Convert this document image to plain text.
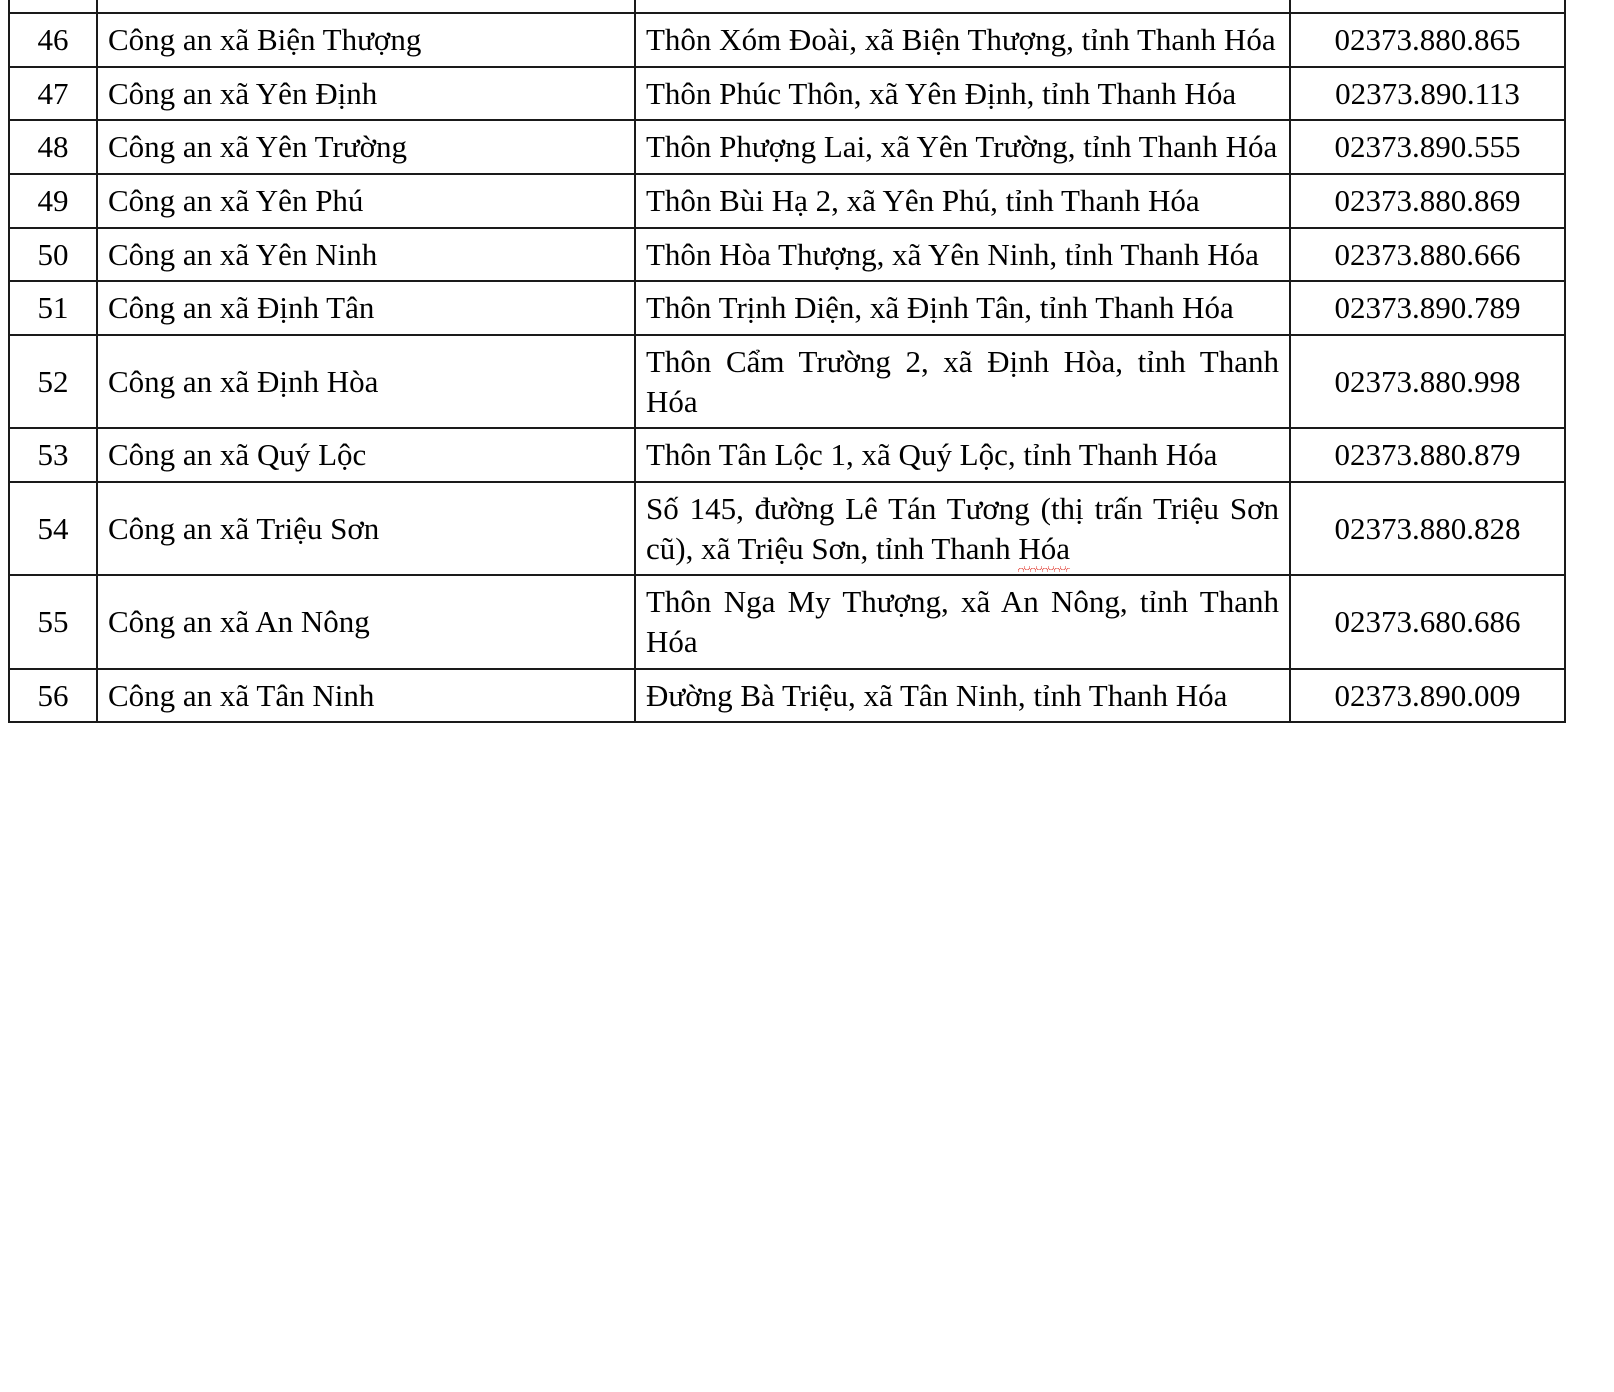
46	Công an xã Biện Thượng	Thôn Xóm Đoài, xã Biện Thượng, tỉnh Thanh Hóa	02373.880.865
47	Công an xã Yên Định	Thôn Phúc Thôn, xã Yên Định, tỉnh Thanh Hóa	02373.890.113
48	Công an xã Yên Trường	Thôn Phượng Lai, xã Yên Trường, tỉnh Thanh Hóa	02373.890.555
49	Công an xã Yên Phú	Thôn Bùi Hạ 2, xã Yên Phú, tỉnh Thanh Hóa	02373.880.869
50	Công an xã Yên Ninh	Thôn Hòa Thượng, xã Yên Ninh, tỉnh Thanh Hóa	02373.880.666
51	Công an xã Định Tân	Thôn Trịnh Diện, xã Định Tân, tỉnh Thanh Hóa	02373.890.789
52	Công an xã Định Hòa	Thôn Cẩm Trường 2, xã Định Hòa, tỉnh Thanh Hóa	02373.880.998
53	Công an xã Quý Lộc	Thôn Tân Lộc 1, xã Quý Lộc, tỉnh Thanh Hóa	02373.880.879
54	Công an xã Triệu Sơn	Số 145, đường Lê Tán Tương (thị trấn Triệu Sơn cũ), xã Triệu Sơn, tỉnh Thanh Hóa	02373.880.828
55	Công an xã An Nông	Thôn Nga My Thượng, xã An Nông, tỉnh Thanh Hóa	02373.680.686
56	Công an xã Tân Ninh	Đường Bà Triệu, xã Tân Ninh, tỉnh Thanh Hóa	02373.890.009
